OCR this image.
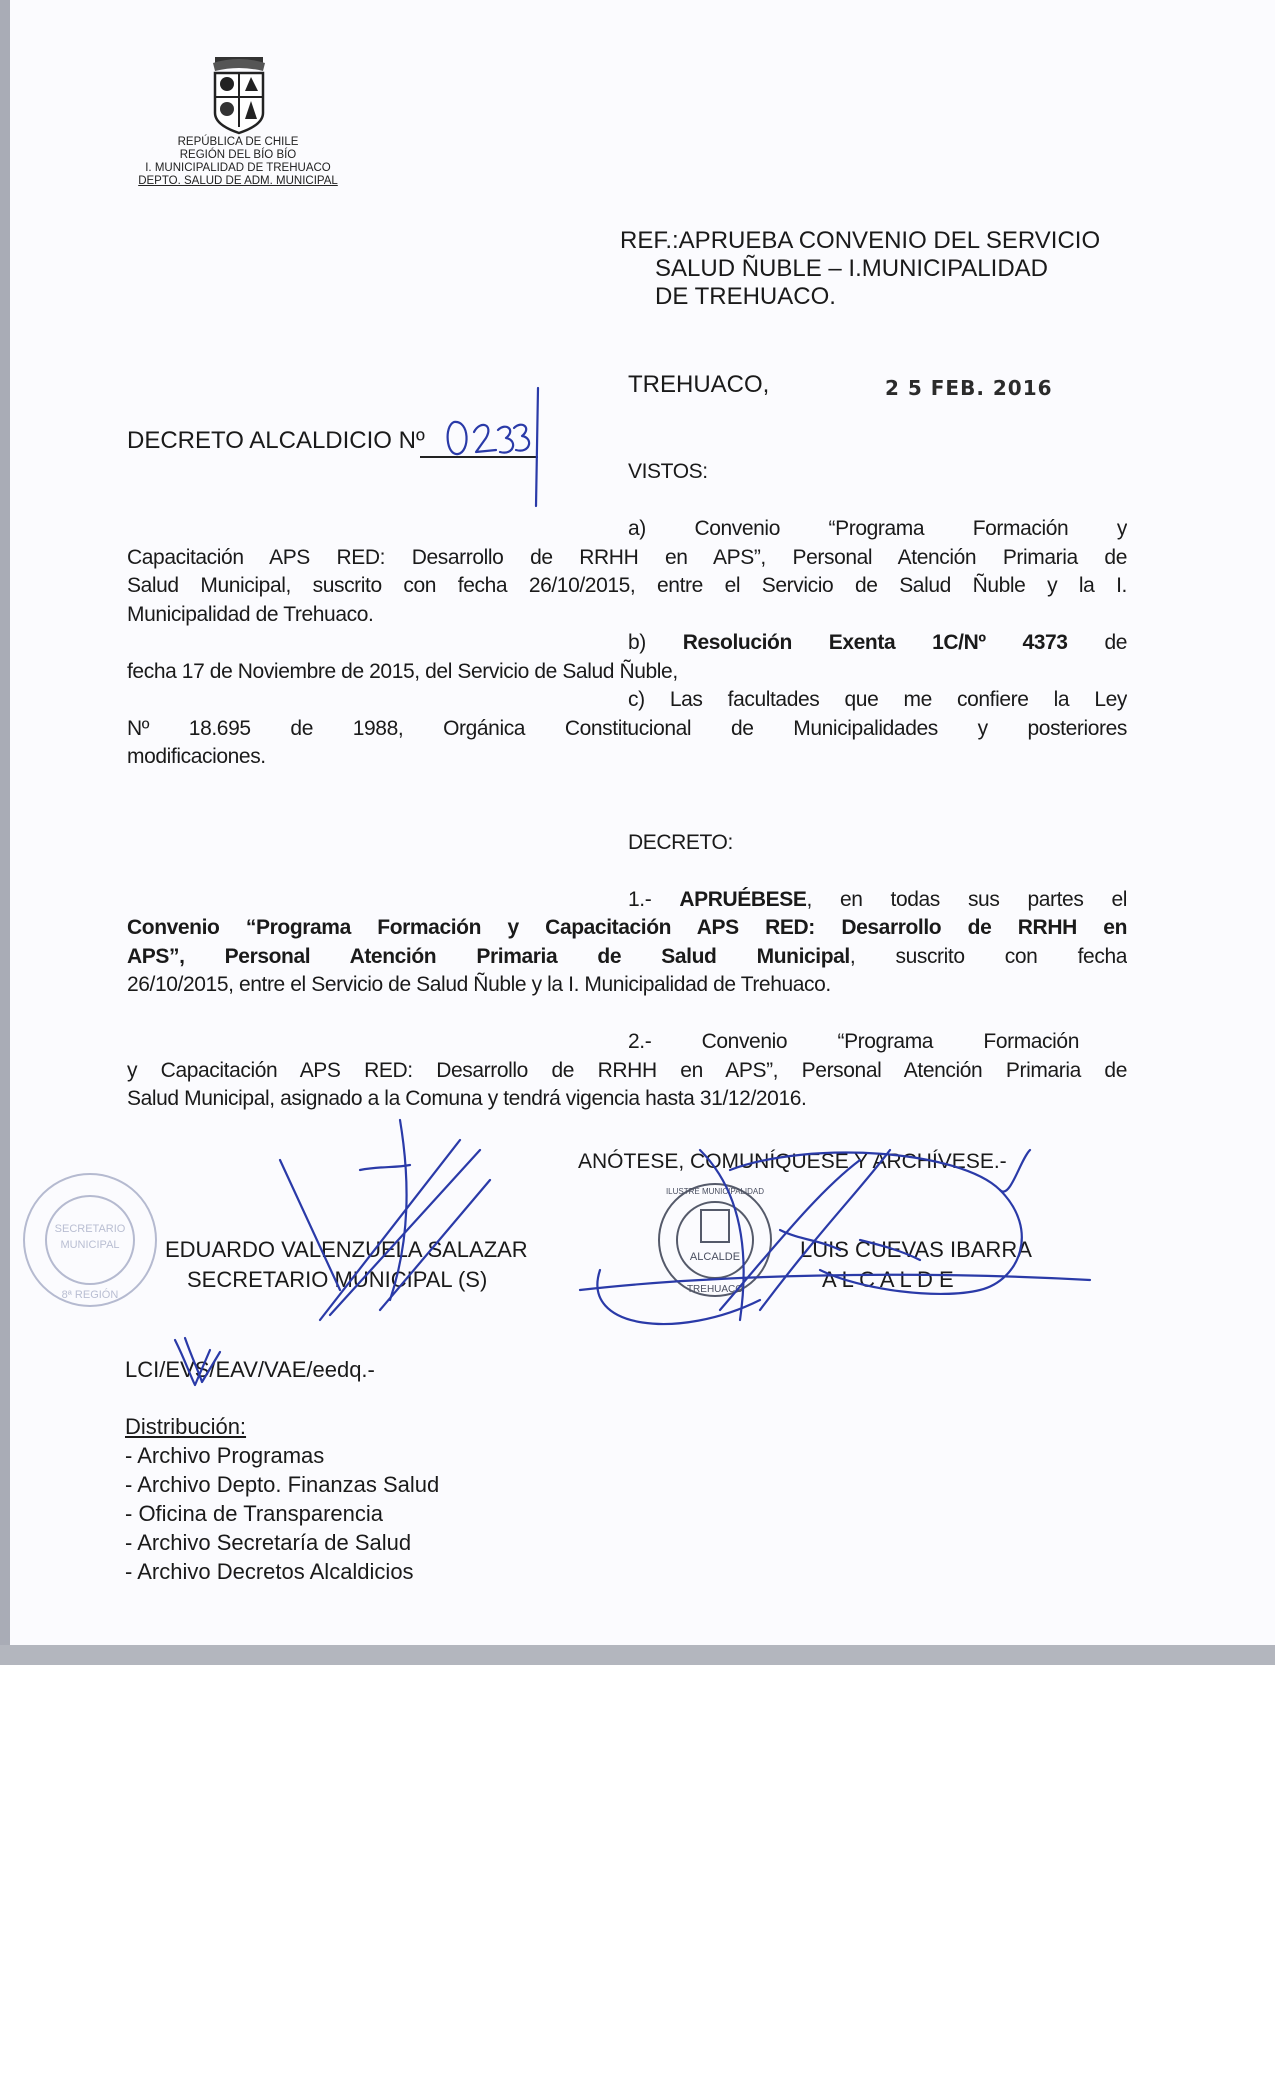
REPÚBLICA DE CHILE
REGIÓN DEL BÍO BÍO
I. MUNICIPALIDAD DE TREHUACO
DEPTO. SALUD DE ADM. MUNICIPAL
REF.:APRUEBA CONVENIO DEL SERVICIO
SALUD ÑUBLE – I.MUNICIPALIDAD
DE TREHUACO.
TREHUACO,	2 5 FEB. 2016
DECRETO ALCALDICIO Nº
VISTOS:
a) Convenio “Programa Formación y
Capacitación APS RED: Desarrollo de RRHH en APS”, Personal Atención Primaria de
Salud Municipal, suscrito con fecha 26/10/2015, entre el Servicio de Salud Ñuble y la I.
Municipalidad de Trehuaco.
b) Resolución Exenta 1C/Nº 4373 de
fecha 17 de Noviembre de 2015, del Servicio de Salud Ñuble,
c) Las facultades que me confiere la Ley
Nº 18.695 de 1988, Orgánica Constitucional de Municipalidades y posteriores
modificaciones.
DECRETO:
1.- APRUÉBESE, en todas sus partes el
Convenio “Programa Formación y Capacitación APS RED: Desarrollo de RRHH en
APS”, Personal Atención Primaria de Salud Municipal, suscrito con fecha
26/10/2015, entre el Servicio de Salud Ñuble y la I. Municipalidad de Trehuaco.
2.- Convenio “Programa Formación
y Capacitación APS RED: Desarrollo de RRHH en APS”, Personal Atención Primaria de
Salud Municipal, asignado a la Comuna y tendrá vigencia hasta 31/12/2016.
ANÓTESE, COMUNÍQUESE Y ARCHÍVESE.-
SECRETARIO
MUNICIPAL
8ª REGIÓN
ALCALDE
TREHUACO
ILUSTRE MUNICIPALIDAD
EDUARDO VALENZUELA SALAZAR
SECRETARIO MUNICIPAL (S)
LUIS CUEVAS IBARRA
A L C A L D E
LCI/EVS/EAV/VAE/eedq.-
Distribución:
- Archivo Programas
- Archivo Depto. Finanzas Salud
- Oficina de Transparencia
- Archivo Secretaría de Salud
- Archivo Decretos Alcaldicios
